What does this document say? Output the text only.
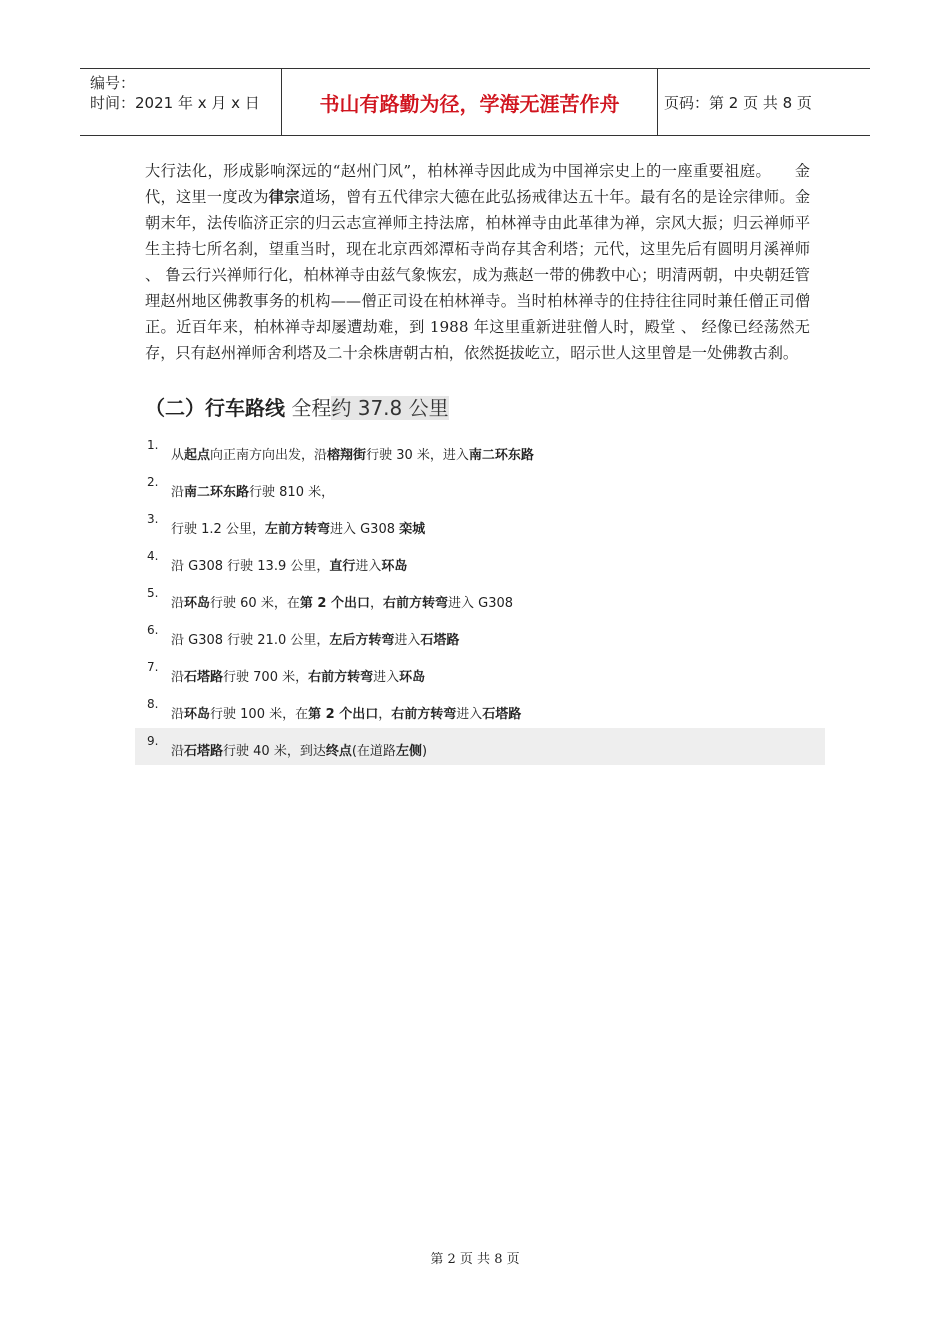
编号：
时间：2021 年 x 月 x 日	书山有路勤为径，学海无涯苦作舟	页码：第 2 页 共 8 页
大行法化，形成影响深远的“赵州门风”，柏林禅寺因此成为中国禅宗史上的一座重要祖庭。　　金代，这里一度改为律宗道场，曾有五代律宗大德在此弘扬戒律达五十年。最有名的是诠宗律师。金朝末年，法传临济正宗的归云志宣禅师主持法席，柏林禅寺由此革律为禅，宗风大振；归云禅师平生主持七所名刹，望重当时，现在北京西郊潭柘寺尚存其舍利塔；元代，这里先后有圆明月溪禅师 、 鲁云行兴禅师行化，柏林禅寺由兹气象恢宏，成为燕赵一带的佛教中心；明清两朝，中央朝廷管理赵州地区佛教事务的机构——僧正司设在柏林禅寺。当时柏林禅寺的住持往往同时兼任僧正司僧正。近百年来，柏林禅寺却屡遭劫难，到 1988 年这里重新进驻僧人时，殿堂 、 经像已经荡然无存，只有赵州禅师舍利塔及二十余株唐朝古柏，依然挺拔屹立，昭示世人这里曾是一处佛教古刹。
（二）行车路线 全程约 37.8 公里
1.
从起点向正南方向出发，沿榕翔街行驶 30 米，进入南二环东路
2.
沿南二环东路行驶 810 米，
3.
行驶 1.2 公里，左前方转弯进入 G308 栾城
4.
沿 G308 行驶 13.9 公里，直行进入环岛
5.
沿环岛行驶 60 米，在第 2 个出口，右前方转弯进入 G308
6.
沿 G308 行驶 21.0 公里，左后方转弯进入石塔路
7.
沿石塔路行驶 700 米，右前方转弯进入环岛
8.
沿环岛行驶 100 米，在第 2 个出口，右前方转弯进入石塔路
9.
沿石塔路行驶 40 米，到达终点(在道路左侧)
第 2 页 共 8 页
